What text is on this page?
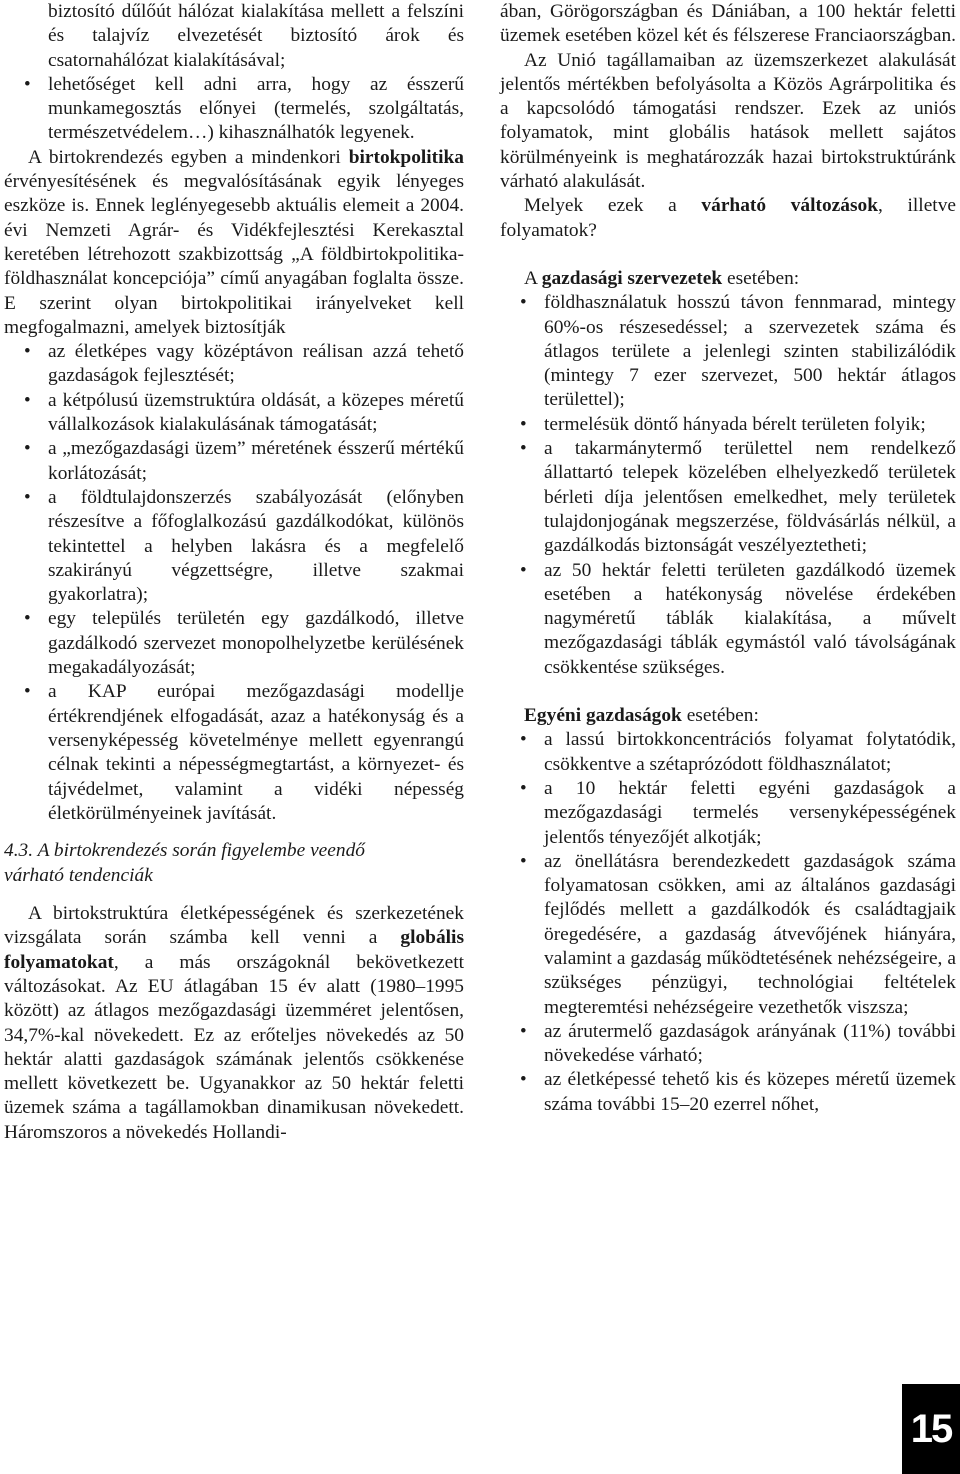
biztosító dűlőút hálózat kialakítása mellett a felszíni és talajvíz elvezetését biztosító árok és csatornahálózat kialakításával;
• lehetőséget kell adni arra, hogy az ésszerű munkamegosztás előnyei (termelés, szolgáltatás, természetvédelem…) kihasználhatók legyenek.

A birtokrendezés egyben a mindenkori birtokpolitika érvényesítésének és megvalósításának egyik lényeges eszköze is. Ennek leglényegesebb aktuális elemeit a 2004. évi Nemzeti Agrár- és Vidékfejlesztési Kerekasztal keretében létrehozott szakbizottság „A földbirtokpolitika-földhasználat koncepciója” című anyagában foglalta össze. E szerint olyan birtokpolitikai irányelveket kell megfogalmazni, amelyek biztosítják

• az életképes vagy középtávon reálisan azzá tehető gazdaságok fejlesztését;
• a kétpólusú üzemstruktúra oldását, a közepes méretű vállalkozások kialakulásának támogatását;
• a „mezőgazdasági üzem” méretének ésszerű mértékű korlátozását;
• a földtulajdonszerzés szabályozását (előnyben részesítve a főfoglalkozású gazdálkodókat, különös tekintettel a helyben lakásra és a megfelelő szakirányú végzettségre, illetve szakmai gyakorlatra);
• egy település területén egy gazdálkodó, illetve gazdálkodó szervezet monopolhelyzetbe kerülésének megakadályozását;
• a KAP európai mezőgazdasági modellje értékrendjének elfogadását, azaz a hatékonyság és a versenyképesség követelménye mellett egyenrangú célnak tekinti a népességmegtartást, a környezet- és tájvédelmet, valamint a vidéki népesség életkörülményeinek javítását.

4.3. A birtokrendezés során figyelembe veendő várható tendenciák

A birtokstruktúra életképességének és szerkezetének vizsgálata során számba kell venni a globális folyamatokat, a más országoknál bekövetkezett változásokat. Az EU átlagában 15 év alatt (1980–1995 között) az átlagos mezőgazdasági üzemméret jelentősen, 34,7%-kal növekedett. Ez az erőteljes növekedés az 50 hektár alatti gazdaságok számának jelentős csökkenése mellett következett be. Ugyanakkor az 50 hektár feletti üzemek száma a tagállamokban dinamikusan növekedett. Háromszoros a növekedés Hollandi-

ában, Görögországban és Dániában, a 100 hektár feletti üzemek esetében közel két és félszerese Franciaországban.

Az Unió tagállamaiban az üzemszerkezet alakulását jelentős mértékben befolyásolta a Közös Agrárpolitika és a kapcsolódó támogatási rendszer. Ezek az uniós folyamatok, mint globális hatások mellett sajátos körülményeink is meghatározzák hazai birtokstruktúránk várható alakulását.

Melyek ezek a várható változások, illetve folyamatok?

A gazdasági szervezetek esetében:

• földhasználatuk hosszú távon fennmarad, mintegy 60%-os részesedéssel; a szervezetek száma és átlagos területe a jelenlegi szinten stabilizálódik (mintegy 7 ezer szervezet, 500 hektár átlagos területtel);
• termelésük döntő hányada bérelt területen folyik;
• a takarmánytermő területtel nem rendelkező állattartó telepek közelében elhelyezkedő területek bérleti díja jelentősen emelkedhet, mely területek tulajdonjogának megszerzése, földvásárlás nélkül, a gazdálkodás biztonságát veszélyeztetheti;
• az 50 hektár feletti területen gazdálkodó üzemek esetében a hatékonyság növelése érdekében nagyméretű táblák kialakítása, a művelt mezőgazdasági táblák egymástól való távolságának csökkentése szükséges.

Egyéni gazdaságok esetében:

• a lassú birtokkoncentrációs folyamat folytatódik, csökkentve a szétaprózódott földhasználatot;
• a 10 hektár feletti egyéni gazdaságok a mezőgazdasági termelés versenyképességének jelentős tényezőjét alkotják;
• az önellátásra berendezkedett gazdaságok száma folyamatosan csökken, ami az általános gazdasági fejlődés mellett a gazdálkodók és családtagjaik öregedésére, a gazdaság átvevőjének hiányára, valamint a gazdaság működtetésének nehézségeire, a szükséges pénzügyi, technológiai feltételek megteremtési nehézségeire vezethetők viszsza;
• az árutermelő gazdaságok arányának (11%) további növekedése várható;
• az életképessé tehető kis és közepes méretű üzemek száma további 15–20 ezerrel nőhet,
15
